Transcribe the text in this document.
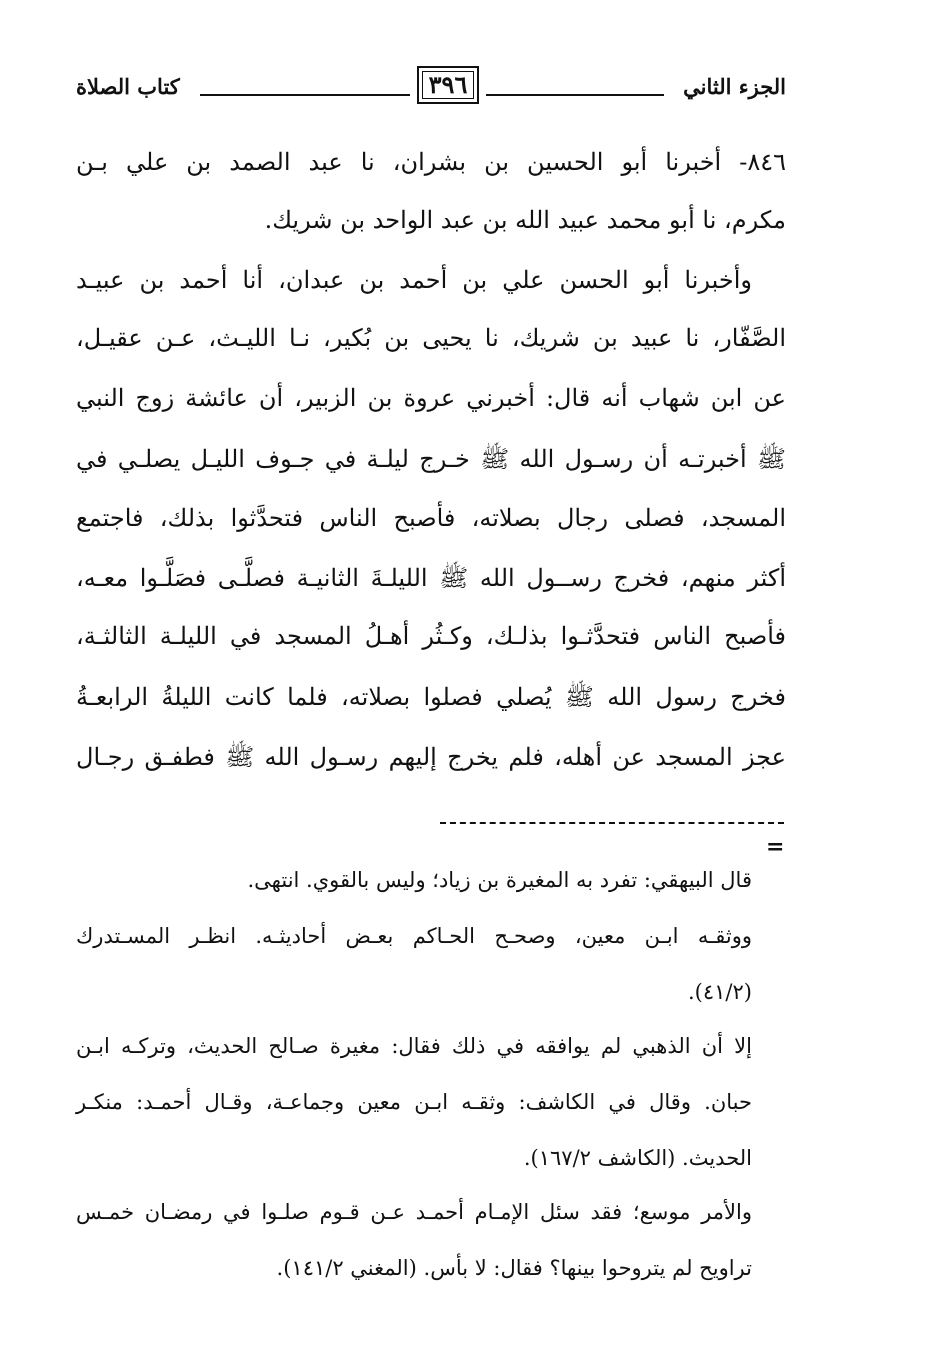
الجزء الثاني
٣٩٦
كتاب الصلاة
٨٤٦- أخبرنا أبو الحسين بن بشران، نا عبد الصمد بن علي بـن
مكرم، نا أبو محمد عبيد الله بن عبد الواحد بن شريك.
وأخبرنا أبو الحسن علي بن أحمد بن عبدان، أنا أحمد بن عبيـد
الصَّفّار، نا عبيد بن شريك، نا يحيى بن بُكير، نـا الليـث، عـن عقيـل،
عن ابن شهاب أنه قال: أخبرني عروة بن الزبير، أن عائشة زوج النبي
ﷺ أخبرتـه أن رسـول الله ﷺ خـرج ليلـة في جـوف الليـل يصلـي في
المسجد، فصلى رجال بصلاته، فأصبح الناس فتحدَّثوا بذلك، فاجتمع
أكثر منهم، فخرج رســول الله ﷺ الليلـةَ الثانيـة فصلَّـى فصَلَّـوا معـه،
فأصبح الناس فتحدَّثـوا بذلـك، وكـثُر أهـلُ المسجد في الليلـة الثالثـة،
فخرج رسول الله ﷺ يُصلي فصلوا بصلاته، فلما كانت الليلةُ الرابعـةُ
عجز المسجد عن أهله، فلم يخرج إليهم رسـول الله ﷺ فطفـق رجـال
=
قال البيهقي: تفرد به المغيرة بن زياد؛ وليس بالقوي. انتهى.
ووثقـه ابـن معين، وصحـح الحـاكم بعـض أحاديثـه. انظـر المسـتدرك
(٤١/٢).
إلا أن الذهبي لم يوافقه في ذلك فقال: مغيرة صـالح الحديث، وتركـه ابـن
حبان. وقال في الكاشف: وثقـه ابـن معين وجماعـة، وقـال أحمـد: منكـر
الحديث. (الكاشف ١٦٧/٢).
والأمر موسع؛ فقد سئل الإمـام أحمـد عـن قـوم صلـوا في رمضـان خمـس
تراويح لم يتروحوا بينها؟ فقال: لا بأس. (المغني ١٤١/٢).
